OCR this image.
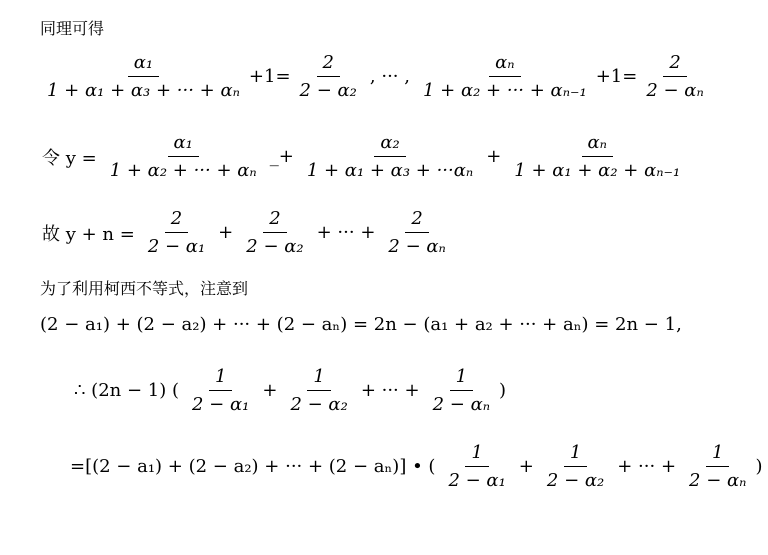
同理可得
$\frac{\text{α₁}}{\text{1 + α₁ + α₃ + ··· + αₙ}} +1= \frac{2}{\text{2 − α₂}}$ , ··· , $\frac{\text{αₙ}}{\text{1 + α₂ + ··· + αₙ₋₁}} +1= \frac{2}{\text{2 − αₙ}}$
令 $y = \frac{\text{α₁}}{\text{1 + α₂ + ··· + αₙ}}$ _+ $\frac{\text{α₂}}{\text{1 + α₁ + α₃ + ···αₙ}} + \frac{\text{αₙ}}{\text{1 + α₁ + α₂ + αₙ₋₁}}$
故 $y + n = \frac{2}{\text{2 − α₁}} + \frac{2}{\text{2 − α₂}}$ + ··· + $\frac{2}{\text{2 − αₙ}}$
为了利用柯西不等式，注意到
(2 − a₁) + (2 − a₂) + ··· + (2 − aₙ) = 2n − (a₁ + a₂ + ··· + aₙ) = 2n − 1,
∴ (2n − 1) ( $\frac{1}{\text{2 − α₁}} + \frac{1}{\text{2 − α₂}}$ + ··· + $\frac{1}{\text{2 − αₙ}}$ )
=[(2 − a₁) + (2 − a₂) + ··· + (2 − aₙ)] • ( $\frac{1}{\text{2 − α₁}} + \frac{1}{\text{2 − α₂}}$ + ··· + $\frac{1}{\text{2 − αₙ}}$ )
